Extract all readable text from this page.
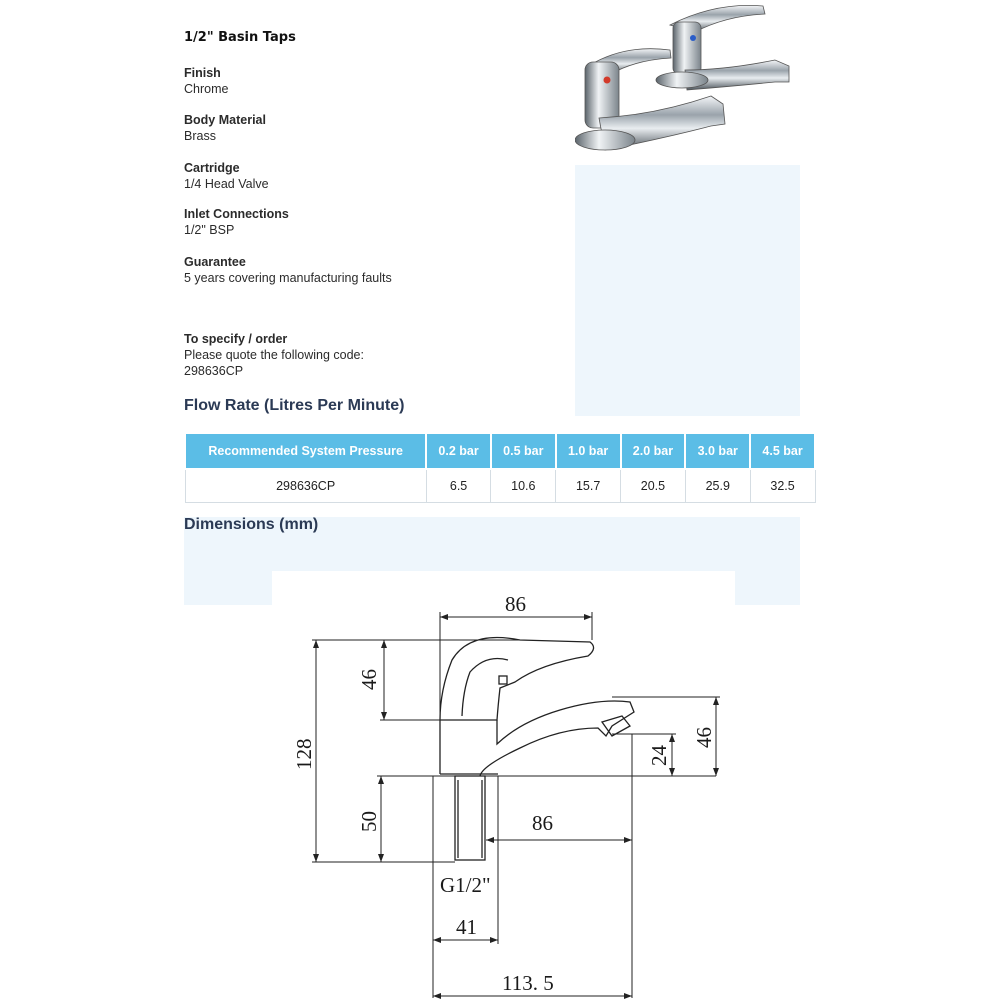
1/2" Basin Taps
Finish
Chrome
Body Material
Brass
Cartridge
1/4 Head Valve
Inlet Connections
1/2" BSP
Guarantee
5 years covering manufacturing faults
To specify / order
Please quote the following code:
298636CP
Flow Rate (Litres Per Minute)
Recommended System Pressure	0.2 bar	0.5 bar	1.0 bar	2.0 bar	3.0 bar	4.5 bar
298636CP	6.5	10.6	15.7	20.5	25.9	32.5
Dimensions (mm)
86
46
128
46
24
50	86
G1/2"
41
113. 5
